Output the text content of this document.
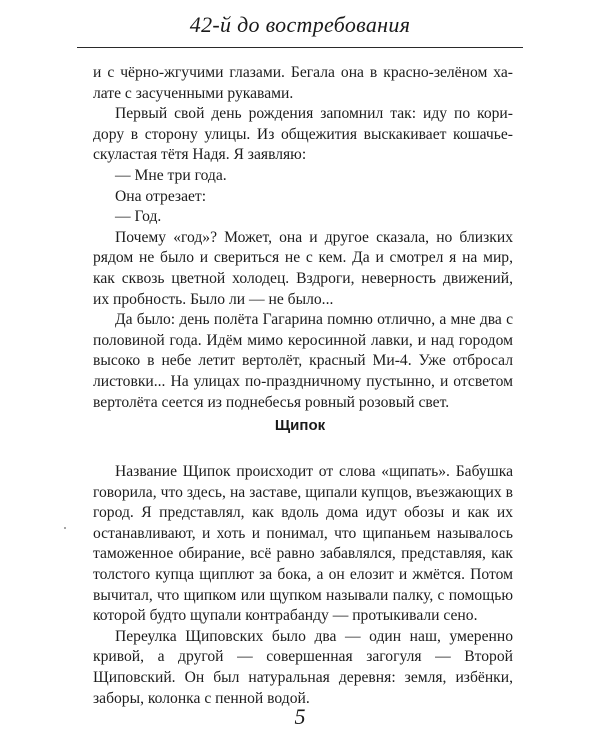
42-й до востребования

и с чёрно-жгучими глазами. Бегала она в красно-зелёном халате с засученными рукавами.

Первый свой день рождения запомнил так: иду по коридору в сторону улицы. Из общежития выскакивает кошачьескуластая тётя Надя. Я заявляю:

— Мне три года.

Она отрезает:

— Год.

Почему «год»? Может, она и другое сказала, но близких рядом не было и свериться не с кем. Да и смотрел я на мир, как сквозь цветной холодец. Вздроги, неверность движений, их пробность. Было ли — не было...

Да было: день полёта Гагарина помню отлично, а мне два с половиной года. Идём мимо керосинной лавки, и над городом высоко в небе летит вертолёт, красный Ми-4. Уже отбросал листовки... На улицах по-праздничному пустынно, и отсветом вертолёта сеется из поднебесья ровный розовый свет.

Щипок

Название Щипок происходит от слова «щипать». Бабушка говорила, что здесь, на заставе, щипали купцов, въезжающих в город. Я представлял, как вдоль дома идут обозы и как их останавливают, и хоть и понимал, что щипаньем называлось таможенное обирание, всё равно забавлялся, представляя, как толстого купца щиплют за бока, а он елозит и жмётся. Потом вычитал, что щипком или щупком называли палку, с помощью которой будто щупали контрабанду — протыкивали сено.

Переулка Щиповских было два — один наш, умеренно кривой, а другой — совершенная загогуля — Второй Щиповский. Он был натуральная деревня: земля, избёнки, заборы, колонка с пенной водой.

5
